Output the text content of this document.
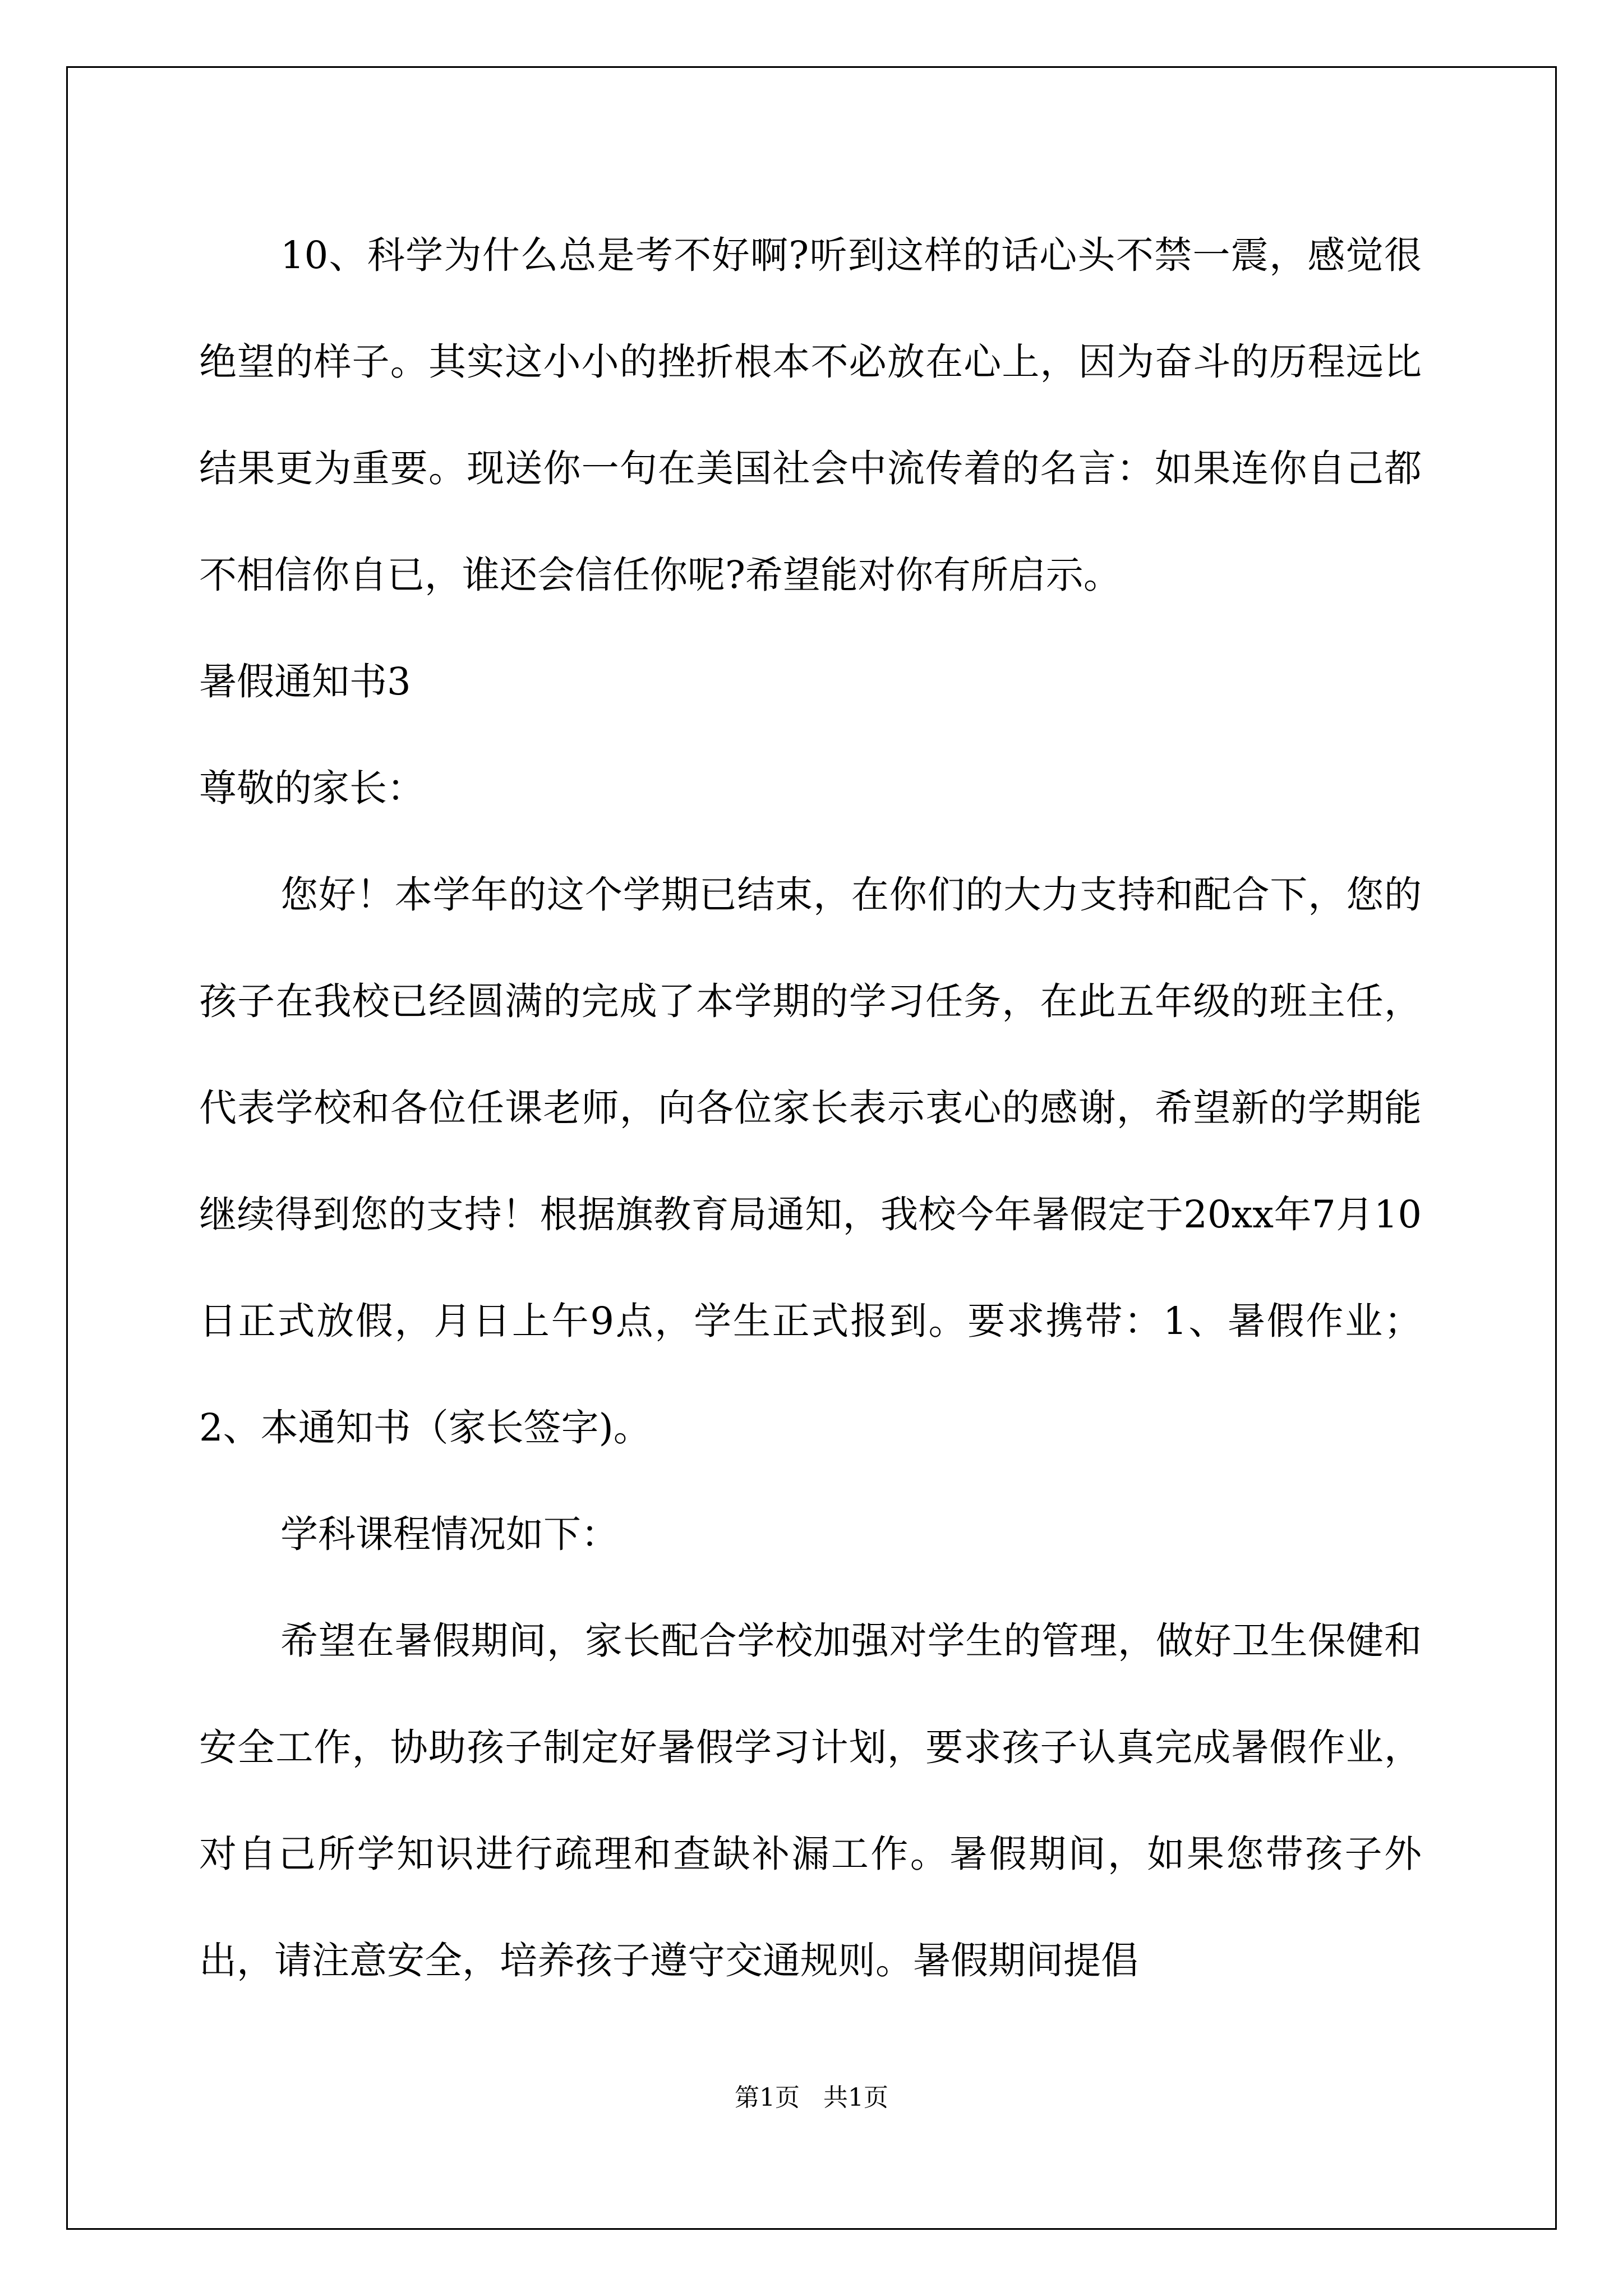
10、科学为什么总是考不好啊?听到这样的话心头不禁一震，感觉很绝望的样子。其实这小小的挫折根本不必放在心上，因为奋斗的历程远比结果更为重要。现送你一句在美国社会中流传着的名言：如果连你自己都不相信你自已，谁还会信任你呢?希望能对你有所启示。

暑假通知书3

尊敬的家长：

您好！本学年的这个学期已结束，在你们的大力支持和配合下，您的孩子在我校已经圆满的完成了本学期的学习任务，在此五年级的班主任，代表学校和各位任课老师，向各位家长表示衷心的感谢，希望新的学期能继续得到您的支持！根据旗教育局通知，我校今年暑假定于20xx年7月10日正式放假，月日上午9点，学生正式报到。要求携带：1、暑假作业；2、本通知书（家长签字)。

学科课程情况如下：

希望在暑假期间，家长配合学校加强对学生的管理，做好卫生保健和安全工作，协助孩子制定好暑假学习计划，要求孩子认真完成暑假作业，对自己所学知识进行疏理和查缺补漏工作。暑假期间，如果您带孩子外出，请注意安全，培养孩子遵守交通规则。暑假期间提倡

第1页   共1页
